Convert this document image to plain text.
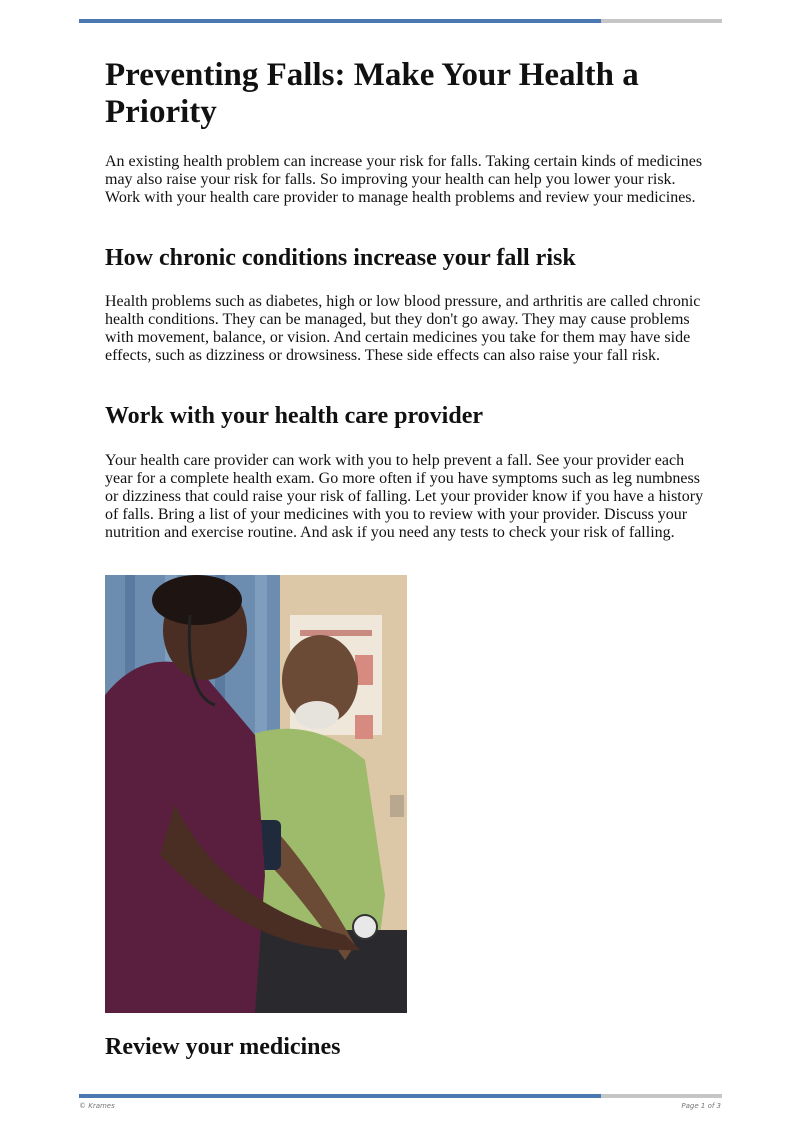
Preventing Falls: Make Your Health a Priority

An existing health problem can increase your risk for falls. Taking certain kinds of medicines may also raise your risk for falls. So improving your health can help you lower your risk. Work with your health care provider to manage health problems and review your medicines.

How chronic conditions increase your fall risk

Health problems such as diabetes, high or low blood pressure, and arthritis are called chronic health conditions. They can be managed, but they don't go away. They may cause problems with movement, balance, or vision. And certain medicines you take for them may have side effects, such as dizziness or drowsiness. These side effects can also raise your fall risk.

Work with your health care provider

Your health care provider can work with you to help prevent a fall. See your provider each year for a complete health exam. Go more often if you have symptoms such as leg numbness or dizziness that could raise your risk of falling. Let your provider know if you have a history of falls. Bring a list of your medicines with you to review with your provider. Discuss your nutrition and exercise routine. And ask if you need any tests to check your risk of falling.

Review your medicines
© Krames	Page 1 of 3
